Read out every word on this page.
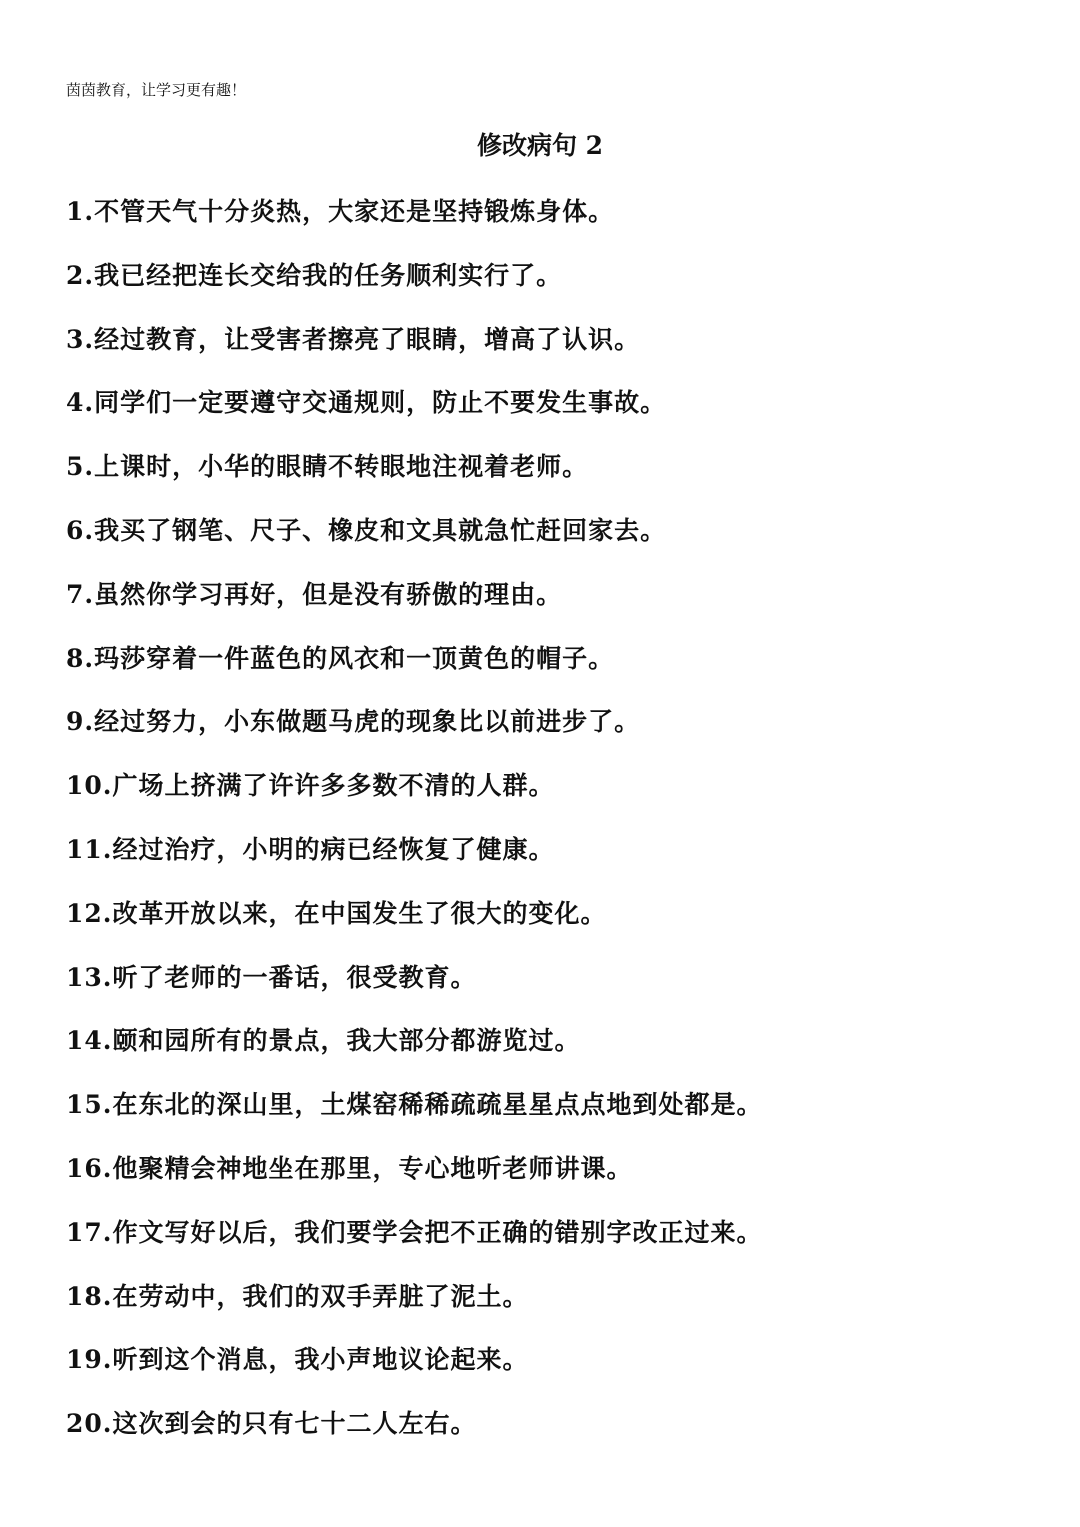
茵茵教育，让学习更有趣！
修改病句 2
1.不管天气十分炎热，大家还是坚持锻炼身体。
2.我已经把连长交给我的任务顺利实行了。
3.经过教育，让受害者擦亮了眼睛，增高了认识。
4.同学们一定要遵守交通规则，防止不要发生事故。
5.上课时，小华的眼睛不转眼地注视着老师。
6.我买了钢笔、尺子、橡皮和文具就急忙赶回家去。
7.虽然你学习再好，但是没有骄傲的理由。
8.玛莎穿着一件蓝色的风衣和一顶黄色的帽子。
9.经过努力，小东做题马虎的现象比以前进步了。
10.广场上挤满了许许多多数不清的人群。
11.经过治疗，小明的病已经恢复了健康。
12.改革开放以来，在中国发生了很大的变化。
13.听了老师的一番话，很受教育。
14.颐和园所有的景点，我大部分都游览过。
15.在东北的深山里，土煤窑稀稀疏疏星星点点地到处都是。
16.他聚精会神地坐在那里，专心地听老师讲课。
17.作文写好以后，我们要学会把不正确的错别字改正过来。
18.在劳动中，我们的双手弄脏了泥土。
19.听到这个消息，我小声地议论起来。
20.这次到会的只有七十二人左右。
